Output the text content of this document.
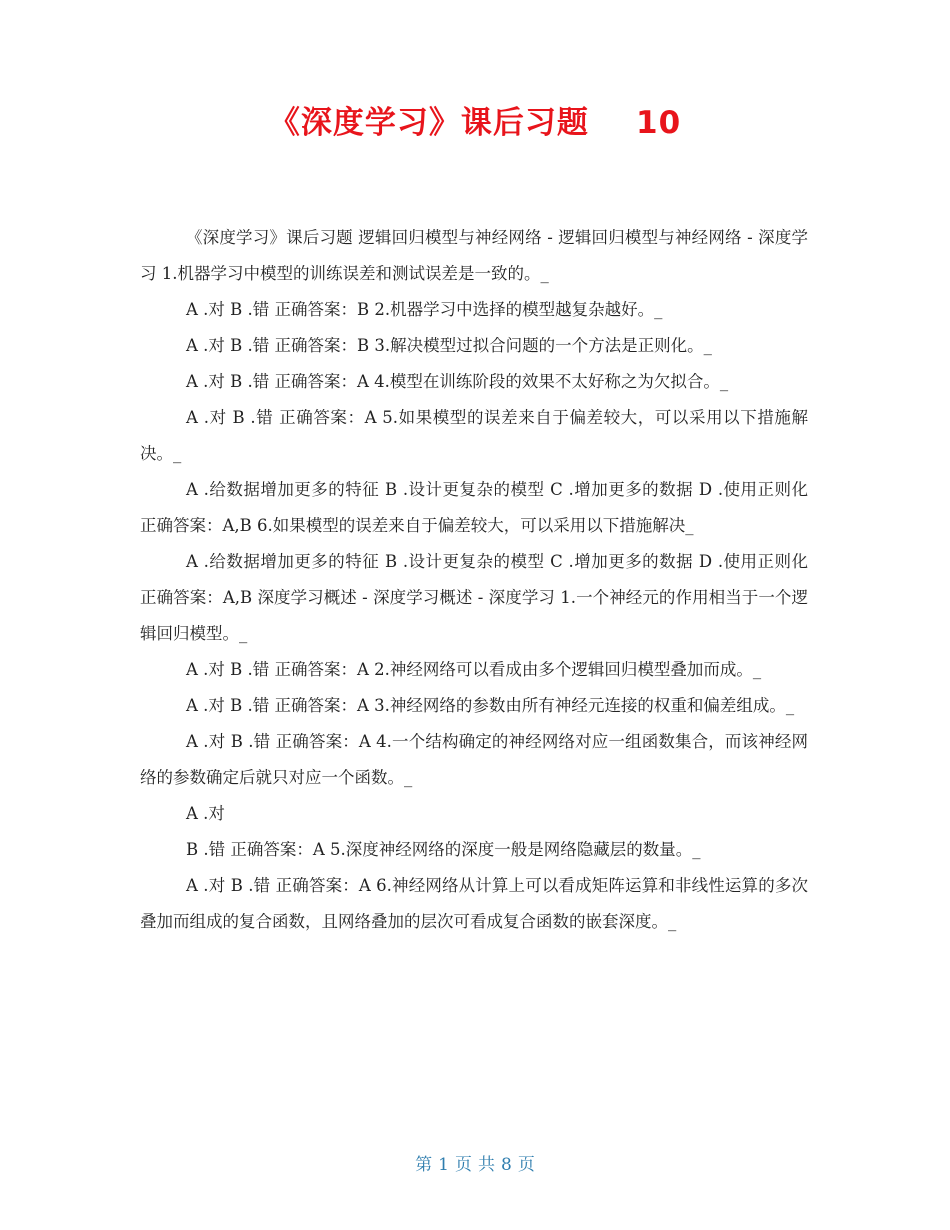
《深度学习》课后习题    10

《深度学习》课后习题 逻辑回归模型与神经网络 - 逻辑回归模型与神经网络 - 深度学习 1.机器学习中模型的训练误差和测试误差是一致的。_

A .对 B .错 正确答案：B 2.机器学习中选择的模型越复杂越好。_

A .对 B .错 正确答案：B 3.解决模型过拟合问题的一个方法是正则化。_

A .对 B .错 正确答案：A 4.模型在训练阶段的效果不太好称之为欠拟合。_

A .对 B .错 正确答案：A 5.如果模型的误差来自于偏差较大，可以采用以下措施解决。_

A .给数据增加更多的特征 B .设计更复杂的模型 C .增加更多的数据 D .使用正则化 正确答案：A,B 6.如果模型的误差来自于偏差较大，可以采用以下措施解决_

A .给数据增加更多的特征 B .设计更复杂的模型 C .增加更多的数据 D .使用正则化 正确答案：A,B 深度学习概述 - 深度学习概述 - 深度学习 1.一个神经元的作用相当于一个逻辑回归模型。_

A .对 B .错 正确答案：A 2.神经网络可以看成由多个逻辑回归模型叠加而成。_

A .对 B .错 正确答案：A 3.神经网络的参数由所有神经元连接的权重和偏差组成。_

A .对 B .错 正确答案：A 4.一个结构确定的神经网络对应一组函数集合，而该神经网络的参数确定后就只对应一个函数。_

A .对

B .错 正确答案：A 5.深度神经网络的深度一般是网络隐藏层的数量。_

A .对 B .错 正确答案：A 6.神经网络从计算上可以看成矩阵运算和非线性运算的多次叠加而组成的复合函数，且网络叠加的层次可看成复合函数的嵌套深度。_

第 1 页 共 8 页
